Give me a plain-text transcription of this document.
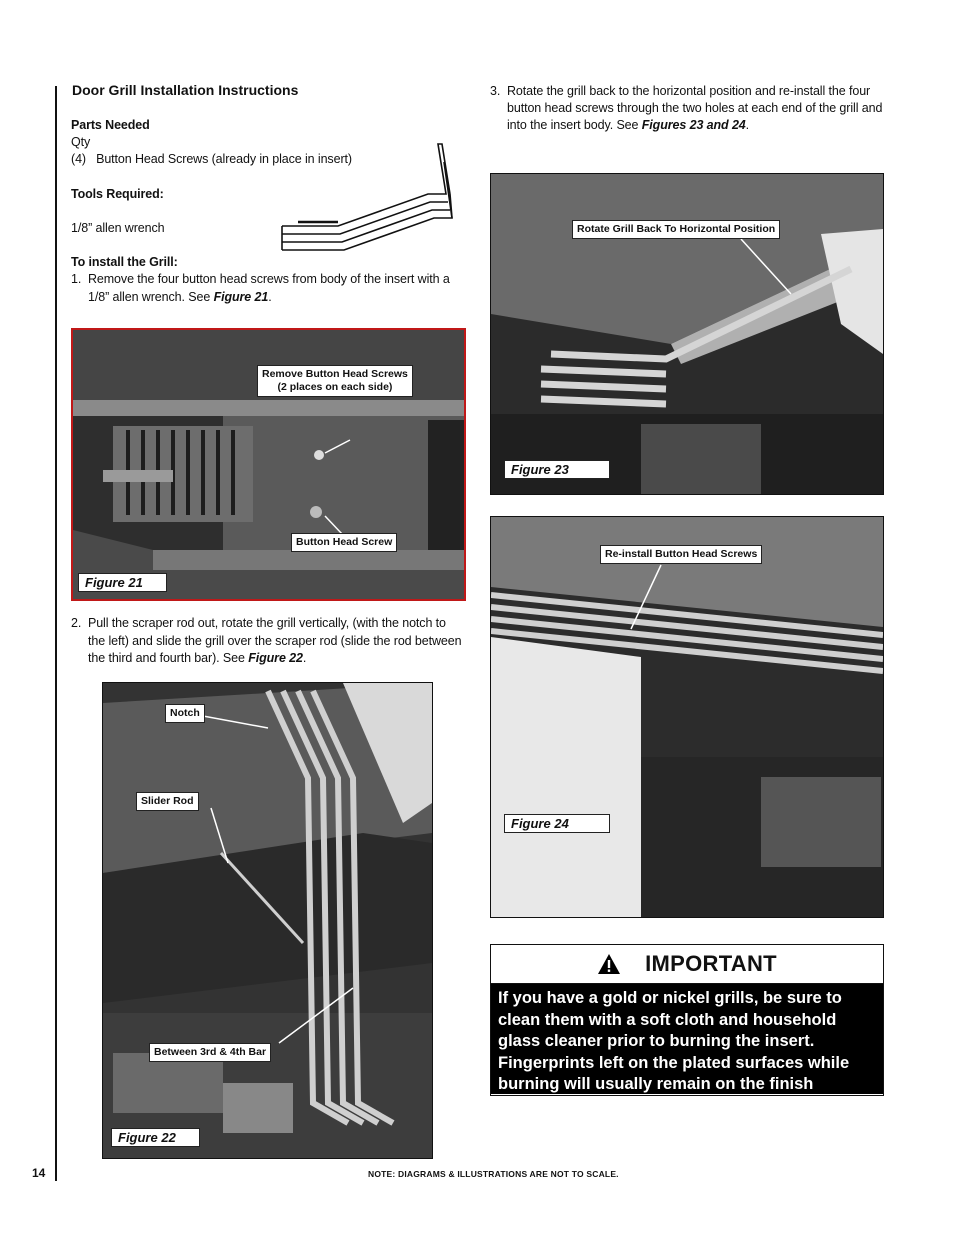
Door Grill Installation Instructions
Parts Needed
Qty
(4)   Button Head Screws (already in place in insert)
Tools Required:
1/8” allen wrench
To install the Grill:
1.  Remove the four button head screws from body of the insert with a
1/8” allen wrench. See Figure 21.
Remove Button Head Screws
(2 places on each side)
Button Head Screw
Figure 21
2.  Pull the scraper rod out, rotate the grill vertically, (with the notch to
the left) and slide the grill over the scraper rod (slide the rod between
the third and fourth bar). See Figure 22.
Notch
Slider Rod
Between 3rd & 4th Bar
Figure 22
3.  Rotate the grill back to the horizontal position and re-install the four
button head screws through the two holes at each end of the grill and
into the insert body. See Figures 23 and 24.
Rotate Grill Back To Horizontal Position
Figure 23
Re-install Button Head Screws
Figure 24
IMPORTANT
If you have a gold or nickel grills, be sure to clean them with a soft cloth and household glass cleaner prior to burning the insert. Fingerprints left on the plated surfaces while burning will usually remain on the finish permanently.
14	NOTE: DIAGRAMS & ILLUSTRATIONS ARE NOT TO SCALE.
